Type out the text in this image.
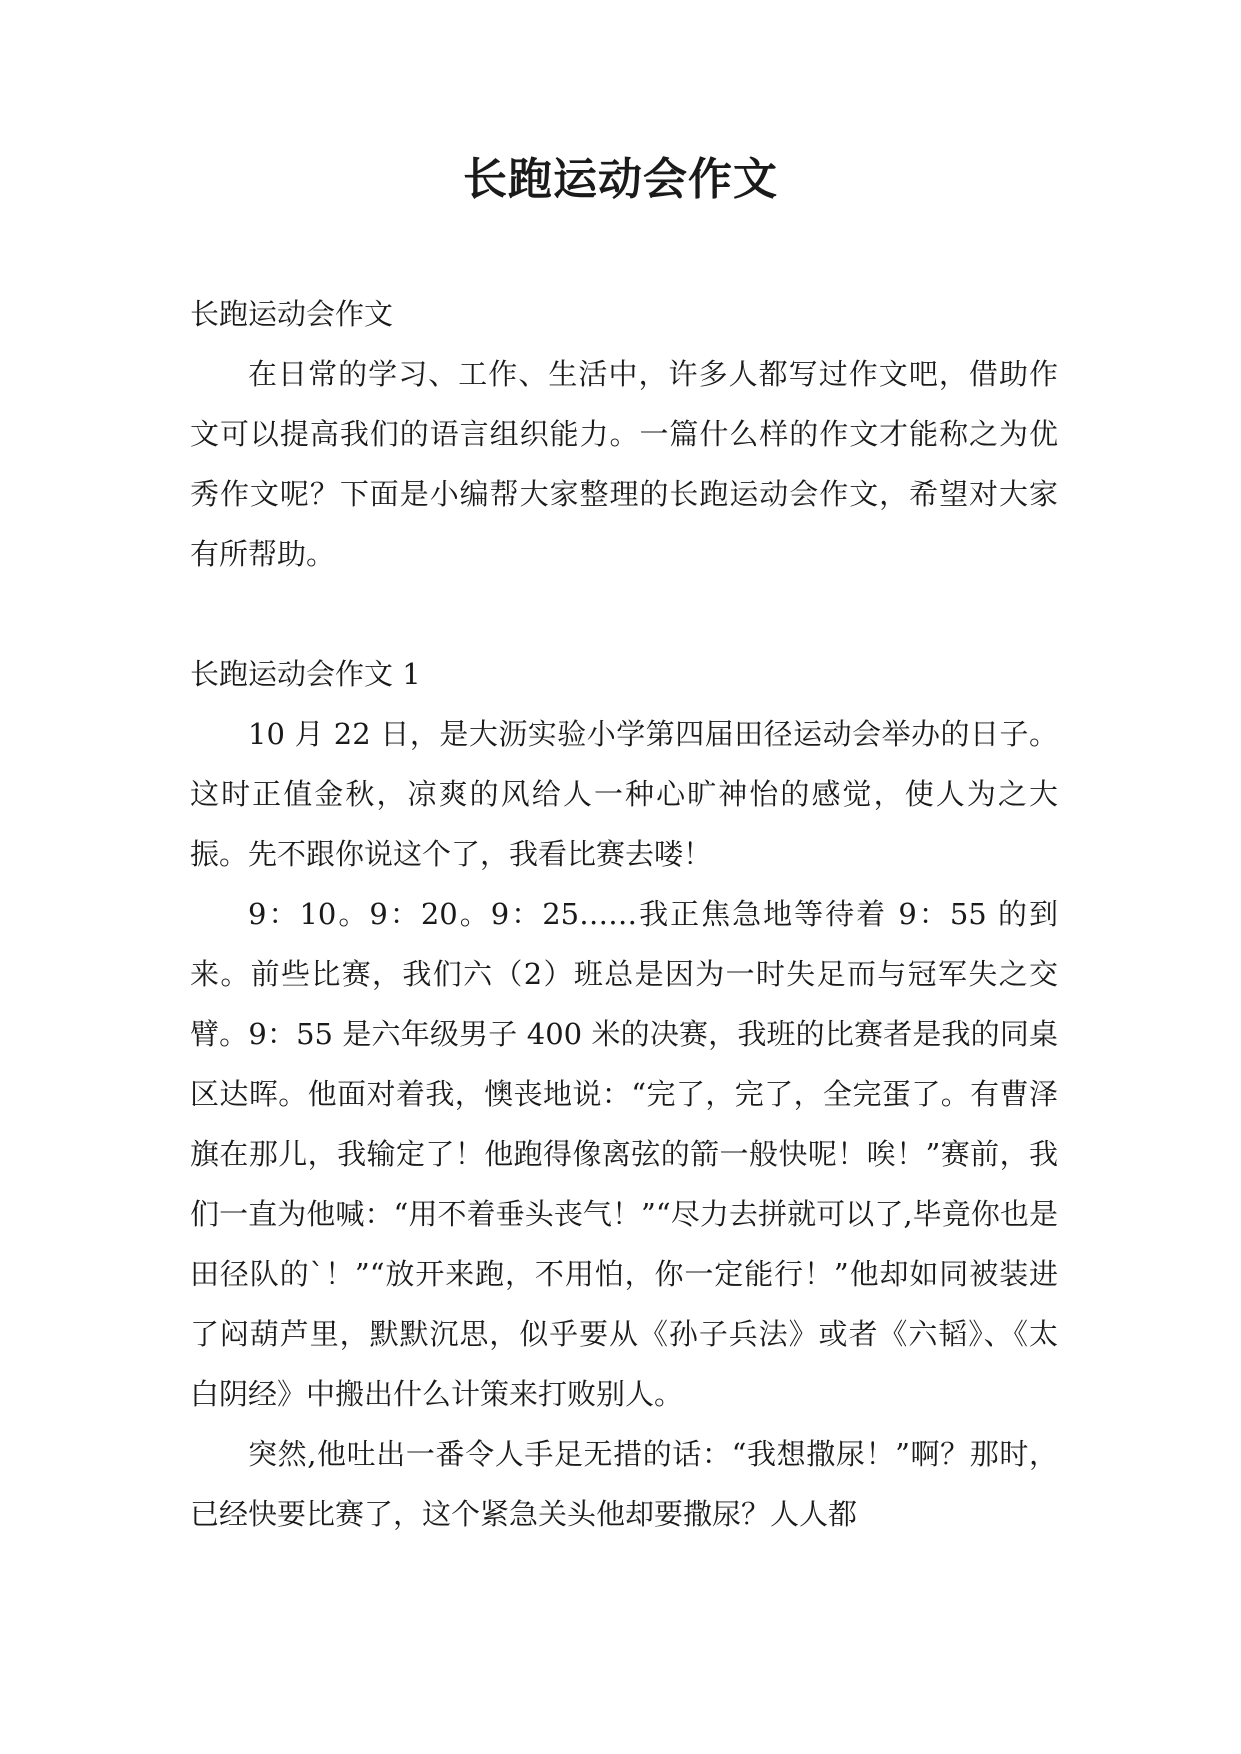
长跑运动会作文

长跑运动会作文

在日常的学习、工作、生活中，许多人都写过作文吧，借助作文可以提高我们的语言组织能力。一篇什么样的作文才能称之为优秀作文呢？下面是小编帮大家整理的长跑运动会作文，希望对大家有所帮助。

长跑运动会作文 1

10 月 22 日，是大沥实验小学第四届田径运动会举办的日子。这时正值金秋，凉爽的风给人一种心旷神怡的感觉，使人为之大振。先不跟你说这个了，我看比赛去喽！

9：10。9：20。9：25……我正焦急地等待着 9：55 的到来。前些比赛，我们六（2）班总是因为一时失足而与冠军失之交臂。9：55 是六年级男子 400 米的决赛，我班的比赛者是我的同桌区达晖。他面对着我，懊丧地说：“完了，完了，全完蛋了。有曹泽旗在那儿，我输定了！他跑得像离弦的箭一般快呢！唉！”赛前，我们一直为他喊：“用不着垂头丧气！”“尽力去拼就可以了,毕竟你也是田径队的`！”“放开来跑，不用怕，你一定能行！”他却如同被装进了闷葫芦里，默默沉思，似乎要从《孙子兵法》或者《六韬》、《太白阴经》中搬出什么计策来打败别人。

突然,他吐出一番令人手足无措的话：“我想撒尿！”啊？那时，已经快要比赛了，这个紧急关头他却要撒尿？人人都
